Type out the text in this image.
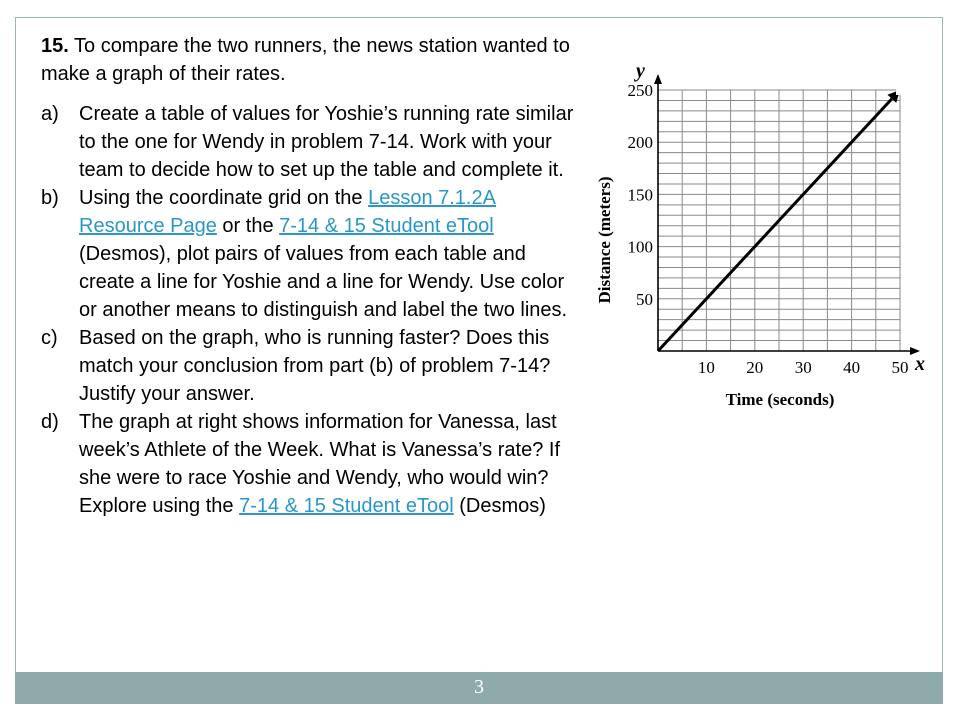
15. To compare the two runners, the news station wanted to make a graph of their rates.

a)	Create a table of values for Yoshie’s running rate similar to the one for Wendy in problem 7-14. Work with your team to decide how to set up the table and complete it.
b)	Using the coordinate grid on the Lesson 7.1.2A Resource Page or the 7-14 & 15 Student eTool (Desmos), plot pairs of values from each table and create a line for Yoshie and a line for Wendy. Use color or another means to distinguish and label the two lines.
c)	Based on the graph, who is running faster? Does this match your conclusion from part (b) of problem 7-14? Justify your answer.
d)	The graph at right shows information for Vanessa, last week’s Athlete of the Week. What is Vanessa’s rate? If she were to race Yoshie and Wendy, who would win? Explore using the 7-14 & 15 Student eTool (Desmos)
10 20 30 40 50
50
100
150
200
250
y
x
Time (seconds)
Distance (meters)
3
